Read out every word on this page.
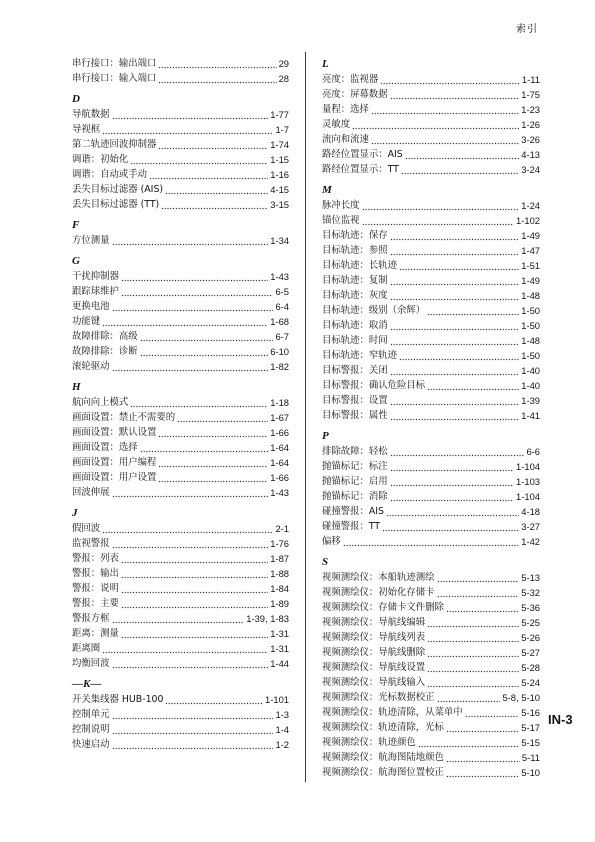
索引
串行接口：输出端口	29
串行接口：输入端口	28
D
导航数据	1-77
导视框	1-7
第二轨迹回波抑制器	1-74
调谐：初始化	1-15
调谐：自动或手动	1-16
丢失目标过滤器 (AIS)	4-15
丢失目标过滤器 (TT)	3-15
F
方位测量	1-34
G
干扰抑制器	1-43
跟踪球维护	6-5
更换电池	6-4
功能键	1-68
故障排除：高级	6-7
故障排除：诊断	6-10
滚轮驱动	1-82
H
航向向上模式	1-18
画面设置：禁止不需要的	1-67
画面设置：默认设置	1-66
画面设置：选择	1-64
画面设置：用户编程	1-64
画面设置：用户设置	1-66
回波伸展	1-43
J
假回波	2-1
监视警报	1-76
警报：列表	1-87
警报：输出	1-88
警报：说明	1-84
警报：主要	1-89
警报方框	1-39, 1-83
距离：测量	1-31
距离圈	1-31
均衡回波	1-44
—K—
开关集线器 HUB-100	1-101
控制单元	1-3
控制说明	1-4
快速启动	1-2
L
亮度：监视器	1-11
亮度：屏幕数据	1-75
量程：选择	1-23
灵敏度	1-26
流向和流速	3-26
路经位置显示：AIS	4-13
路经位置显示：TT	3-24
M
脉冲长度	1-24
锚位监视	1-102
目标轨迹：保存	1-49
目标轨迹：参照	1-47
目标轨迹：长轨迹	1-51
目标轨迹：复制	1-49
目标轨迹：灰度	1-48
目标轨迹：级别（余辉）	1-50
目标轨迹：取消	1-50
目标轨迹：时间	1-48
目标轨迹：窄轨迹	1-50
目标警报：关闭	1-40
目标警报：确认危险目标	1-40
目标警报：设置	1-39
目标警报：属性	1-41
P
排除故障：轻松	6-6
抛锚标记：标注	1-104
抛锚标记：启用	1-103
抛锚标记：消除	1-104
碰撞警报：AIS	4-18
碰撞警报：TT	3-27
偏移	1-42
S
视频测绘仪：本船轨迹测绘	5-13
视频测绘仪：初始化存储卡	5-32
视频测绘仪：存储卡文件删除	5-36
视频测绘仪：导航线编辑	5-25
视频测绘仪：导航线列表	5-26
视频测绘仪：导航线删除	5-27
视频测绘仪：导航线设置	5-28
视频测绘仪：导航线输入	5-24
视频测绘仪：光标数据校正	5-8, 5-10
视频测绘仪：轨迹清除，从菜单中	5-16
视频测绘仪：轨迹清除，光标	5-17
视频测绘仪：轨迹颜色	5-15
视频测绘仪：航海图陆地颜色	5-11
视频测绘仪：航海图位置校正	5-10
IN-3
